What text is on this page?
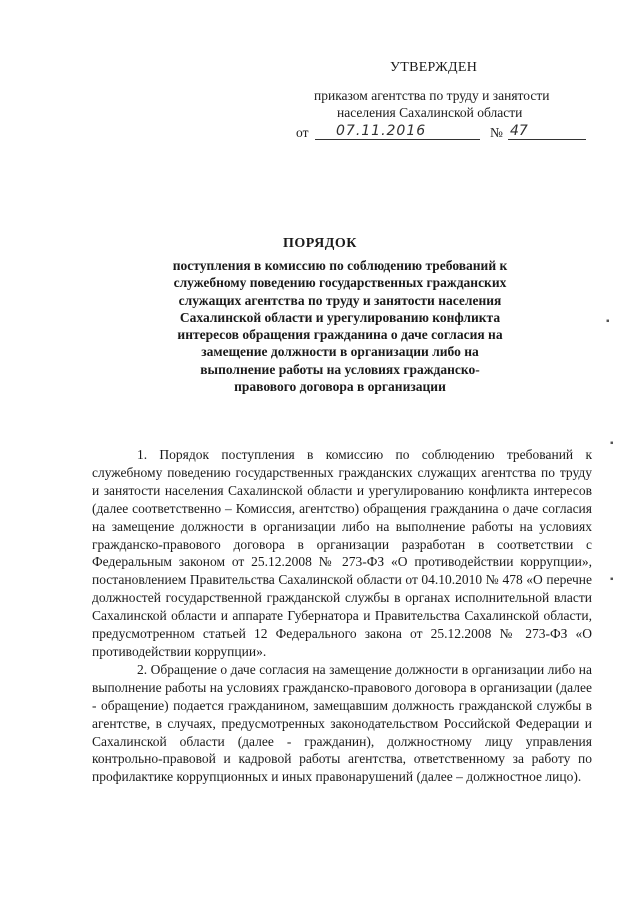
УТВЕРЖДЕН
приказом агентства по труду и занятости
населения Сахалинской области
от 07.11.2016	№ 47
ПОРЯДОК
поступления в комиссию по соблюдению требований к
служебному поведению государственных гражданских
служащих агентства по труду и занятости населения
Сахалинской области и урегулированию конфликта
интересов обращения гражданина о даче согласия на
замещение должности в организации либо на
выполнение работы на условиях гражданско-
правового договора в организации

1. Порядок поступления в комиссию по соблюдению требований к служебному поведению государственных гражданских служащих агентства по труду и занятости населения Сахалинской области и урегулированию конфликта интересов (далее соответственно – Комиссия, агентство) обращения гражданина о даче согласия на замещение должности в организации либо на выполнение работы на условиях гражданско-правового договора в организации разработан в соответствии с Федеральным законом от 25.12.2008 № 273-ФЗ «О противодействии коррупции», постановлением Правительства Сахалинской области от 04.10.2010 № 478 «О перечне должностей государственной гражданской службы в органах исполнительной власти Сахалинской области и аппарате Губернатора и Правительства Сахалинской области, предусмотренном статьей 12 Федерального закона от 25.12.2008 № 273-ФЗ «О противодействии коррупции».

2. Обращение о даче согласия на замещение должности в организации либо на выполнение работы на условиях гражданско-правового договора в организации (далее - обращение) подается гражданином, замещавшим должность гражданской службы в агентстве, в случаях, предусмотренных законодательством Российской Федерации и Сахалинской области (далее - гражданин), должностному лицу управления контрольно-правовой и кадровой работы агентства, ответственному за работу по профилактике коррупционных и иных правонарушений (далее – должностное лицо).

▪
▪
▪
